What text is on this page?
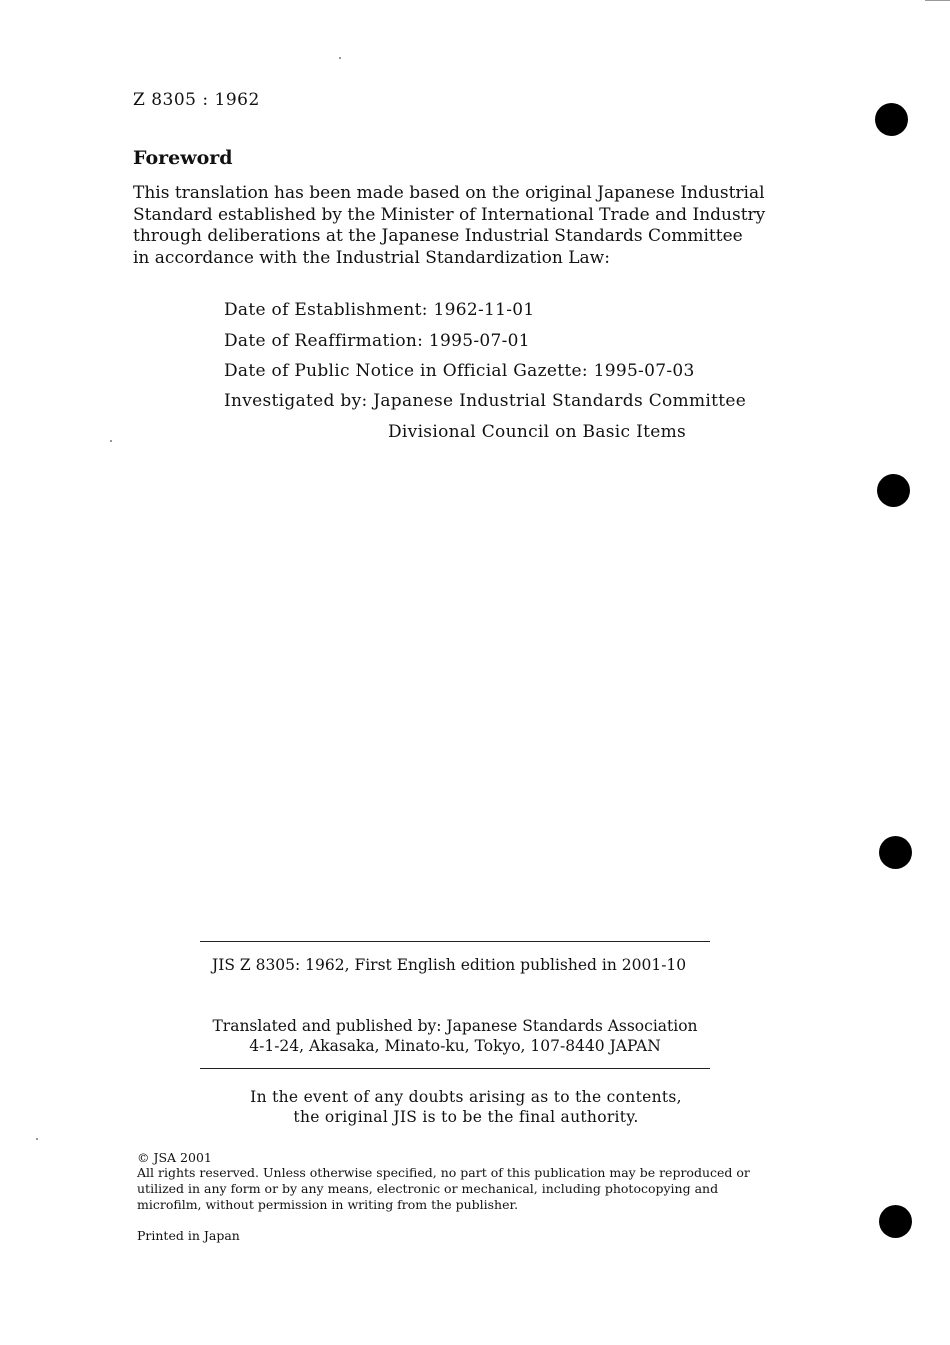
Z 8305 : 1962
Foreword
This translation has been made based on the original Japanese Industrial
Standard established by the Minister of International Trade and Industry
through deliberations at the Japanese Industrial Standards Committee
in accordance with the Industrial Standardization Law:
Date of Establishment: 1962-11-01
Date of Reaffirmation: 1995-07-01
Date of Public Notice in Official Gazette: 1995-07-03
Investigated by: Japanese Industrial Standards Committee
Divisional Council on Basic Items
JIS Z 8305: 1962, First English edition published in 2001-10
Translated and published by: Japanese Standards Association
4-1-24, Akasaka, Minato-ku, Tokyo, 107-8440 JAPAN
In the event of any doubts arising as to the contents,
the original JIS is to be the final authority.
© JSA 2001
All rights reserved. Unless otherwise specified, no part of this publication may be reproduced or
utilized in any form or by any means, electronic or mechanical, including photocopying and
microfilm, without permission in writing from the publisher.
Printed in Japan
